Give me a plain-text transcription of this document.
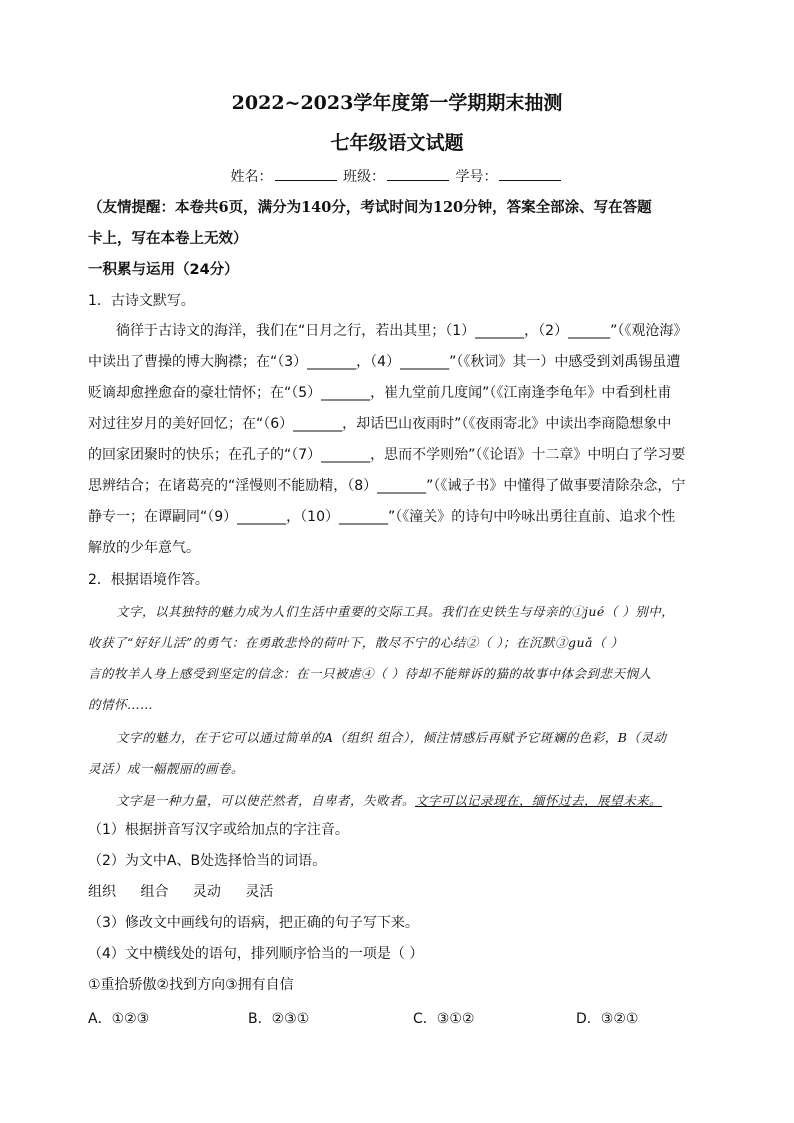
2022~2023学年度第一学期期末抽测
七年级语文试题
姓名：	班级：	学号：
（友情提醒：本卷共6页，满分为140分，考试时间为120分钟，答案全部涂、写在答题
卡上，写在本卷上无效）
一积累与运用（24分）
1．古诗文默写。
徜徉于古诗文的海洋，我们在“日月之行，若出其里；（1）_______，（2）______”（《观沧海》
中读出了曹操的博大胸襟；在“（3）_______，（4）_______”（《秋词》其一）中感受到刘禹锡虽遭
贬谪却愈挫愈奋的豪壮情怀；在“（5）_______，崔九堂前几度闻”（《江南逢李龟年》中看到杜甫
对过往岁月的美好回忆；在“（6）_______，却话巴山夜雨时”（《夜雨寄北》中读出李商隐想象中
的回家团聚时的快乐；在孔子的“（7）_______，思而不学则殆”（《论语》十二章》中明白了学习要
思辨结合；在诸葛亮的“淫慢则不能励精，（8）_______”（《诫子书》中懂得了做事要清除杂念，宁
静专一；在谭嗣同“（9）_______，（10）_______”（《潼关》的诗句中吟咏出勇往直前、追求个性
解放的少年意气。
2．根据语境作答。
文字，以其独特的魅力成为人们生活中重要的交际工具。我们在史铁生与母亲的①jué（ ）别中，
收获了“好好儿活”的勇气：在勇敢悲怜的荷叶下，散尽不宁的心结②（ ）；在沉默③guǎ（ ）
言的牧羊人身上感受到坚定的信念：在一只被虐④（ ）待却不能辩诉的猫的故事中体会到悲天悯人
的情怀……
文字的魅力，在于它可以通过简单的A（组织 组合），倾注情感后再赋予它斑斓的色彩，B（灵动
灵活）成一幅靓丽的画卷。
文字是一种力量，可以使茫然者，自卑者，失败者。文字可以记录现在，缅怀过去，展望未来。
（1）根据拼音写汉字或给加点的字注音。
（2）为文中A、B处选择恰当的词语。
组织 组合 灵动 灵活
（3）修改文中画线句的语病，把正确的句子写下来。
（4）文中横线处的语句，排列顺序恰当的一项是（ ）
①重拾骄傲②找到方向③拥有自信
A．①②③	B．②③①	C．③①②	D．③②①
